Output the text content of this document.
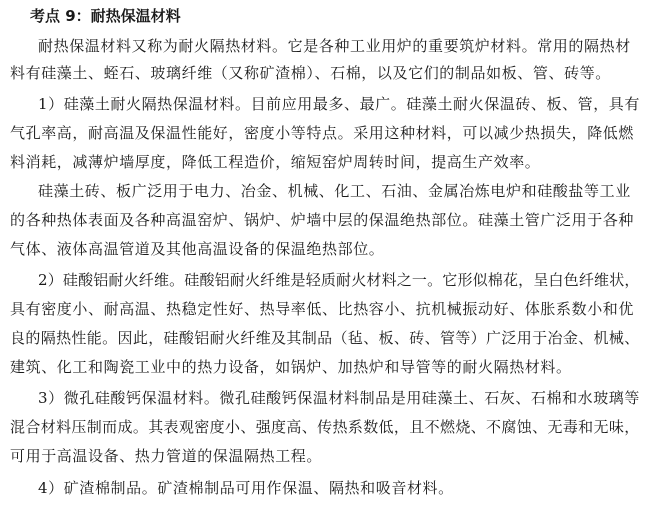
考点 9：耐热保温材料
耐热保温材料又称为耐火隔热材料。它是各种工业用炉的重要筑炉材料。常用的隔热材
料有硅藻土、蛭石、玻璃纤维（又称矿渣棉）、石棉，以及它们的制品如板、管、砖等。
1）硅藻土耐火隔热保温材料。目前应用最多、最广。硅藻土耐火保温砖、板、管，具有
气孔率高，耐高温及保温性能好，密度小等特点。采用这种材料，可以减少热损失，降低燃
料消耗，减薄炉墙厚度，降低工程造价，缩短窑炉周转时间，提高生产效率。
硅藻土砖、板广泛用于电力、冶金、机械、化工、石油、金属冶炼电炉和硅酸盐等工业
的各种热体表面及各种高温窑炉、锅炉、炉墙中层的保温绝热部位。硅藻土管广泛用于各种
气体、液体高温管道及其他高温设备的保温绝热部位。
2）硅酸铝耐火纤维。硅酸铝耐火纤维是轻质耐火材料之一。它形似棉花，呈白色纤维状，
具有密度小、耐高温、热稳定性好、热导率低、比热容小、抗机械振动好、体胀系数小和优
良的隔热性能。因此，硅酸铝耐火纤维及其制品（毡、板、砖、管等）广泛用于冶金、机械、
建筑、化工和陶瓷工业中的热力设备，如锅炉、加热炉和导管等的耐火隔热材料。
3）微孔硅酸钙保温材料。微孔硅酸钙保温材料制品是用硅藻土、石灰、石棉和水玻璃等
混合材料压制而成。其表观密度小、强度高、传热系数低，且不燃烧、不腐蚀、无毒和无味，
可用于高温设备、热力管道的保温隔热工程。
4）矿渣棉制品。矿渣棉制品可用作保温、隔热和吸音材料。
